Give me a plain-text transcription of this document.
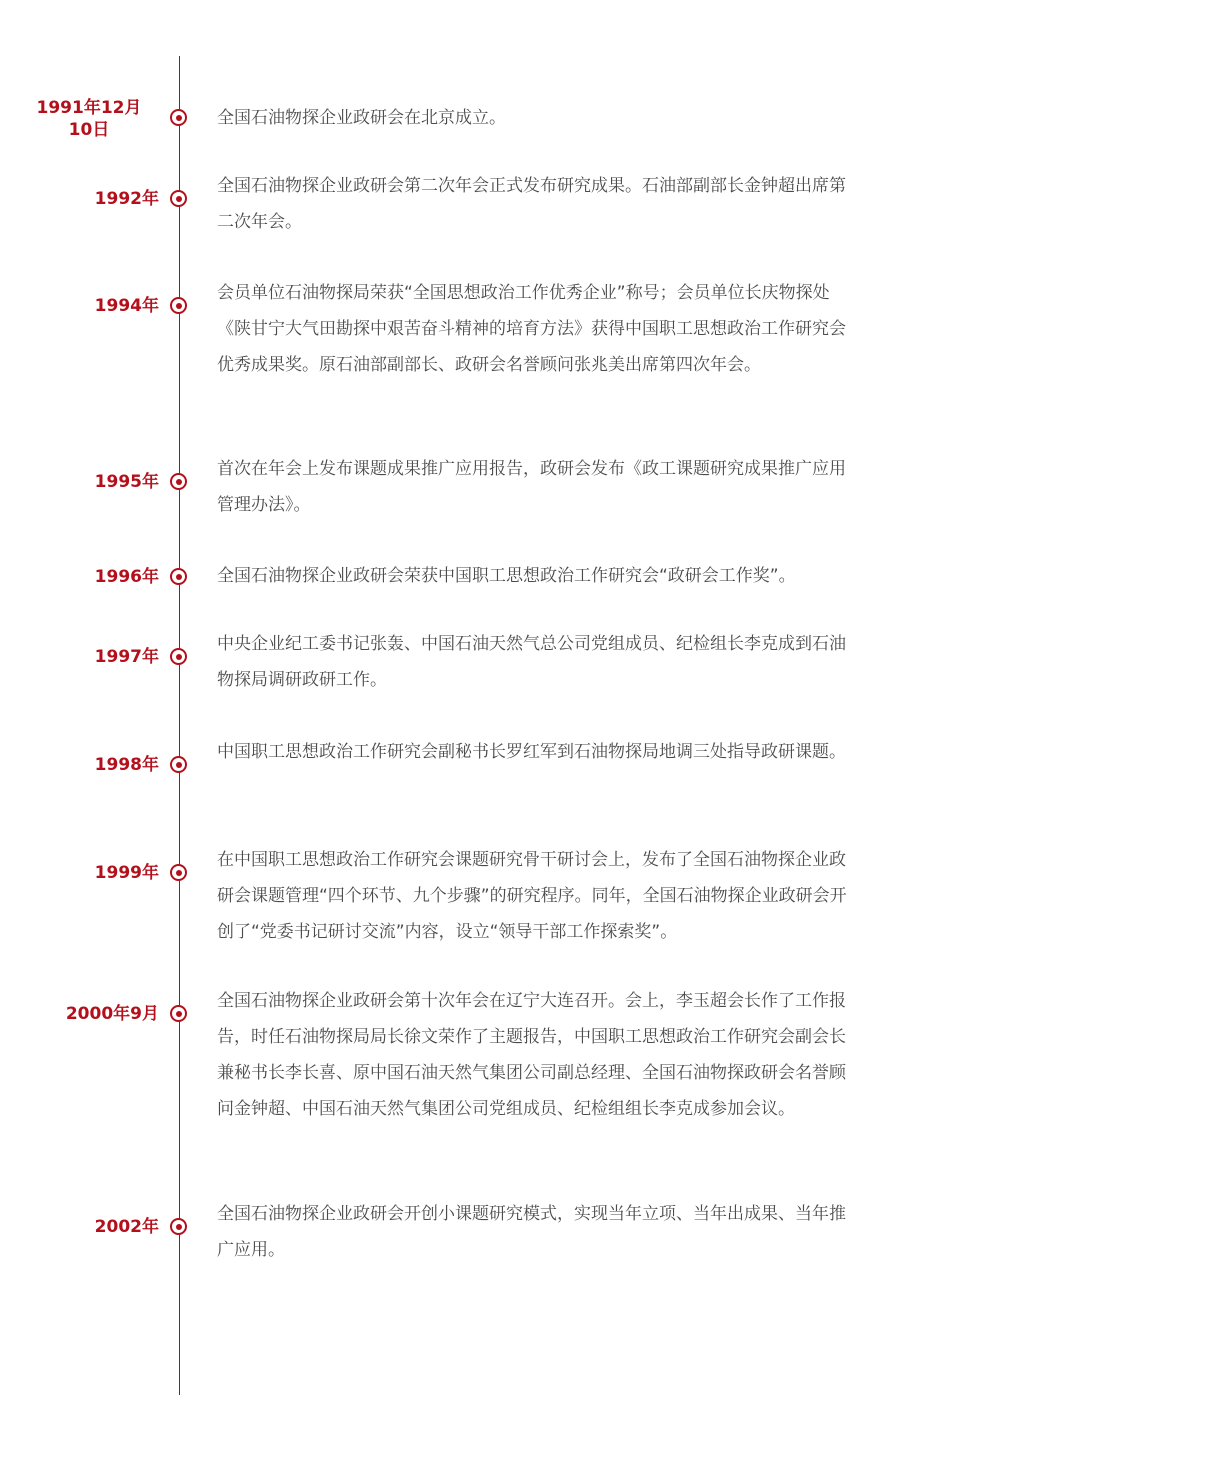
1991年12月
10日

全国石油物探企业政研会在北京成立。

1992年

全国石油物探企业政研会第二次年会正式发布研究成果。石油部副部长金钟超出席第二次年会。

1994年

会员单位石油物探局荣获“全国思想政治工作优秀企业”称号；会员单位长庆物探处《陕甘宁大气田勘探中艰苦奋斗精神的培育方法》获得中国职工思想政治工作研究会优秀成果奖。原石油部副部长、政研会名誉顾问张兆美出席第四次年会。

1995年

首次在年会上发布课题成果推广应用报告，政研会发布《政工课题研究成果推广应用管理办法》。

1996年	全国石油物探企业政研会荣获中国职工思想政治工作研究会“政研会工作奖”。

1997年

中央企业纪工委书记张轰、中国石油天然气总公司党组成员、纪检组长李克成到石油物探局调研政研工作。

1998年

中国职工思想政治工作研究会副秘书长罗红军到石油物探局地调三处指导政研课题。

1999年

在中国职工思想政治工作研究会课题研究骨干研讨会上，发布了全国石油物探企业政研会课题管理“四个环节、九个步骤”的研究程序。同年，全国石油物探企业政研会开创了“党委书记研讨交流”内容，设立“领导干部工作探索奖”。

2000年9月

全国石油物探企业政研会第十次年会在辽宁大连召开。会上，李玉超会长作了工作报告，时任石油物探局局长徐文荣作了主题报告，中国职工思想政治工作研究会副会长兼秘书长李长喜、原中国石油天然气集团公司副总经理、全国石油物探政研会名誉顾问金钟超、中国石油天然气集团公司党组成员、纪检组组长李克成参加会议。

2002年

全国石油物探企业政研会开创小课题研究模式，实现当年立项、当年出成果、当年推广应用。
